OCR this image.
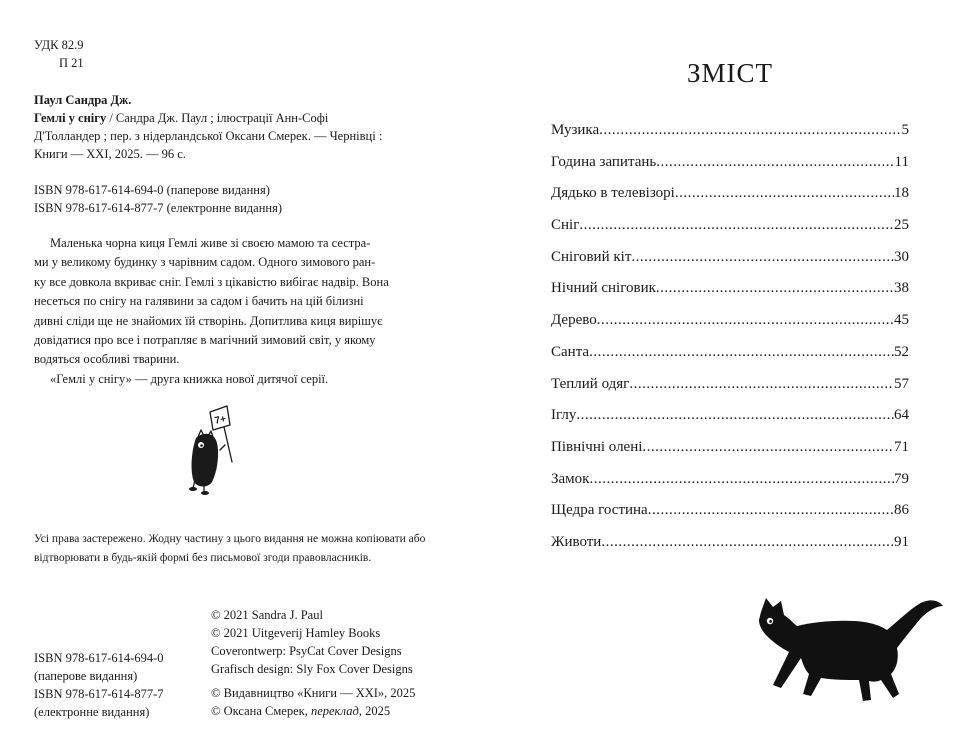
УДК 82.9
П 21
Паул Сандра Дж.
Гемлі у снігу / Сандра Дж. Паул ; ілюстрації Анн-Софі
Д'Толландер ; пер. з нідерландської Оксани Смерек. — Чернівці :
Книги — XXI, 2025. — 96 с.
ISBN 978-617-614-694-0 (паперове видання)
ISBN 978-617-614-877-7 (електронне видання)

Маленька чорна киця Гемлі живе зі своєю мамою та сестра-

ми у великому будинку з чарівним садом. Одного зимового ран-

ку все довкола вкриває сніг. Гемлі з цікавістю вибігає надвір. Вона

несеться по снігу на галявини за садом і бачить на цій білизні

дивні сліди ще не знайомих їй створінь. Допитлива киця вирішує

довідатися про все і потрапляє в магічний зимовий світ, у якому

водяться особливі тварини.

«Гемлі у снігу» — друга книжка нової дитячої серії.

7+
Усі права застережено. Жодну частину з цього видання не можна копіювати або
відтворювати в будь-якій формі без письмової згоди правовласників.
ISBN 978-617-614-694-0
(паперове видання)
ISBN 978-617-614-877-7
(електронне видання)
© 2021 Sandra J. Paul
© 2021 Uitgeverij Hamley Books
Coverontwerp: PsyCat Cover Designs
Grafisch design: Sly Fox Cover Designs
© Видавництво «Книги — XXI», 2025
© Оксана Смерек, переклад, 2025
ЗМІСТ
Музика .....	5
Година запитань .....	11
Дядько в телевізорі .....	18
Сніг .....	25
Сніговий кіт .....	30
Нічний сніговик .....	38
Дерево .....	45
Санта .....	52
Теплий одяг .....	57
Іглу .....	64
Північні олені .....	71
Замок .....	79
Щедра гостина .....	86
Животи .....	91
